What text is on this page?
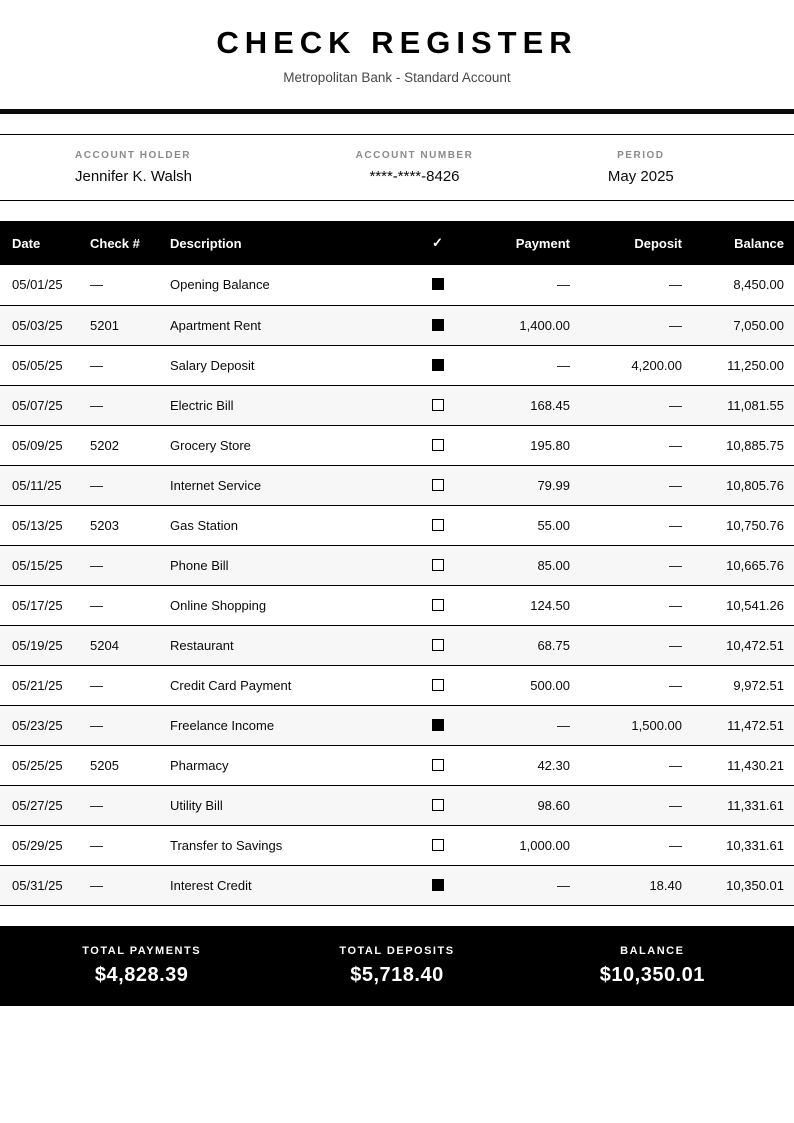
CHECK REGISTER
Metropolitan Bank - Standard Account
ACCOUNT HOLDER
Jennifer K. Walsh
ACCOUNT NUMBER
****-****-8426
PERIOD
May 2025
Date	Check #	Description	✓	Payment	Deposit	Balance
05/01/25	—	Opening Balance		—	—	8,450.00
05/03/25	5201	Apartment Rent		1,400.00	—	7,050.00
05/05/25	—	Salary Deposit		—	4,200.00	11,250.00
05/07/25	—	Electric Bill		168.45	—	11,081.55
05/09/25	5202	Grocery Store		195.80	—	10,885.75
05/11/25	—	Internet Service		79.99	—	10,805.76
05/13/25	5203	Gas Station		55.00	—	10,750.76
05/15/25	—	Phone Bill		85.00	—	10,665.76
05/17/25	—	Online Shopping		124.50	—	10,541.26
05/19/25	5204	Restaurant		68.75	—	10,472.51
05/21/25	—	Credit Card Payment		500.00	—	9,972.51
05/23/25	—	Freelance Income		—	1,500.00	11,472.51
05/25/25	5205	Pharmacy		42.30	—	11,430.21
05/27/25	—	Utility Bill		98.60	—	11,331.61
05/29/25	—	Transfer to Savings		1,000.00	—	10,331.61
05/31/25	—	Interest Credit		—	18.40	10,350.01
TOTAL PAYMENTS
$4,828.39
TOTAL DEPOSITS
$5,718.40
BALANCE
$10,350.01
